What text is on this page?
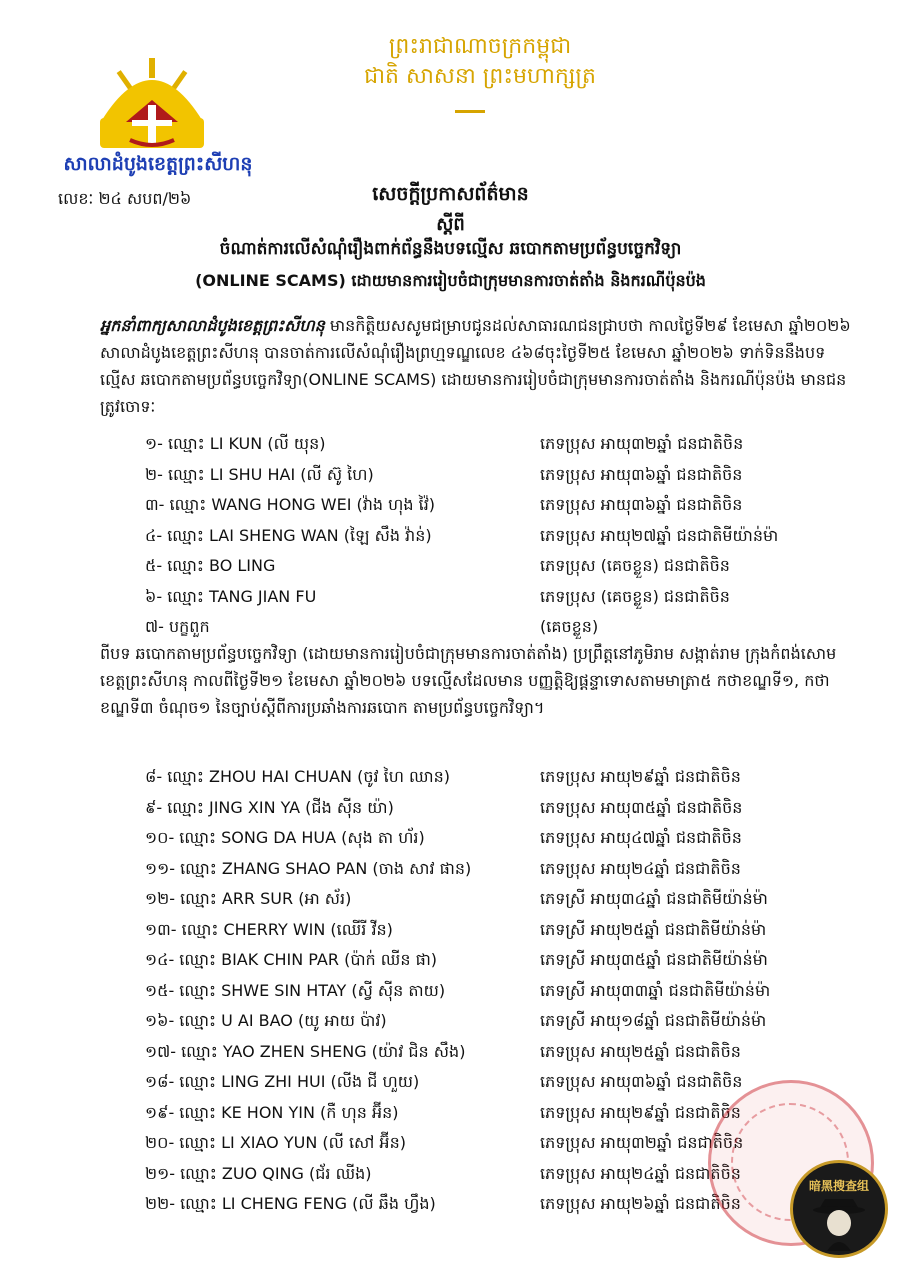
ព្រះរាជាណាចក្រកម្ពុជា
ជាតិ សាសនា ព្រះមហាក្សត្រ
សាលាដំបូងខេត្តព្រះសីហនុ
លេខៈ ២៤ សបព/២៦	សេចក្តីប្រកាសព័ត៌មាន
ស្តីពី
ចំណាត់ការលើសំណុំរឿងពាក់ព័ន្ធនឹងបទល្មើស ឆបោកតាមប្រព័ន្ធបច្ចេកវិទ្យា
(ONLINE SCAMS) ដោយមានការរៀបចំជាក្រុមមានការចាត់តាំង និងករណីប៉ុនប៉ង
អ្នកនាំពាក្យសាលាដំបូងខេត្តព្រះសីហនុ មានកិត្តិយសសូមជម្រាបជូនដល់សាធារណជនជ្រាបថា កាលថ្ងៃទី២៩ ខែមេសា ឆ្នាំ២០២៦ សាលាដំបូងខេត្តព្រះសីហនុ បានចាត់ការលើសំណុំរឿងព្រហ្មទណ្ឌលេខ ៤៦៨ចុះថ្ងៃទី២៥ ខែមេសា ឆ្នាំ២០២៦ ទាក់ទិននឹងបទល្មើស ឆបោកតាមប្រព័ន្ធបច្ចេកវិទ្យា(ONLINE SCAMS) ដោយមានការរៀបចំជាក្រុមមានការចាត់តាំង និងករណីប៉ុនប៉ង មានជនត្រូវចោទៈ
១- ឈ្មោះ LI KUN (លី យុន)	ភេទប្រុស អាយុ៣២ឆ្នាំ ជនជាតិចិន
២- ឈ្មោះ LI SHU HAI (លី ស៊ូ ហៃ)	ភេទប្រុស អាយុ៣៦ឆ្នាំ ជនជាតិចិន
៣- ឈ្មោះ WANG HONG WEI (វ៉ាង ហុង វ៉ៃ)	ភេទប្រុស អាយុ៣៦ឆ្នាំ ជនជាតិចិន
៤- ឈ្មោះ LAI SHENG WAN (ឡៃ សឹង វ៉ាន់)	ភេទប្រុស អាយុ២៧ឆ្នាំ ជនជាតិមីយ៉ាន់ម៉ា
៥- ឈ្មោះ BO LING	ភេទប្រុស (គេចខ្លួន) ជនជាតិចិន
៦- ឈ្មោះ TANG JIAN FU	ភេទប្រុស (គេចខ្លួន) ជនជាតិចិន
៧- បក្ខពួក	(គេចខ្លួន)
ពីបទ ឆបោកតាមប្រព័ន្ធបច្ចេកវិទ្យា (ដោយមានការរៀបចំជាក្រុមមានការចាត់តាំង) ប្រព្រឹត្តនៅភូមិរាម សង្កាត់រាម ក្រុងកំពង់សោម ខេត្តព្រះសីហនុ កាលពីថ្ងៃទី២១ ខែមេសា ឆ្នាំ២០២៦ បទល្មើសដែលមាន បញ្ញត្តិឱ្យផ្តន្ទាទោសតាមមាត្រា៥ កថាខណ្ឌទី១, កថាខណ្ឌទី៣ ចំណុច១ នៃច្បាប់ស្តីពីការប្រឆាំងការឆបោក តាមប្រព័ន្ធបច្ចេកវិទ្យា។
៨- ឈ្មោះ ZHOU HAI CHUAN (ចូវ ហៃ ឈាន)	ភេទប្រុស អាយុ២៩ឆ្នាំ ជនជាតិចិន
៩- ឈ្មោះ JING XIN YA (ជីង ស៊ីន យ៉ា)	ភេទប្រុស អាយុ៣៥ឆ្នាំ ជនជាតិចិន
១០- ឈ្មោះ SONG DA HUA (សុង តា ហ័រ)	ភេទប្រុស អាយុ៤៧ឆ្នាំ ជនជាតិចិន
១១- ឈ្មោះ ZHANG SHAO PAN (ចាង សាវ ផាន)	ភេទប្រុស អាយុ២៤ឆ្នាំ ជនជាតិចិន
១២- ឈ្មោះ ARR SUR (អា ស័រ)	ភេទស្រី អាយុ៣៤ឆ្នាំ ជនជាតិមីយ៉ាន់ម៉ា
១៣- ឈ្មោះ CHERRY WIN (ឈើរី វីន)	ភេទស្រី អាយុ២៥ឆ្នាំ ជនជាតិមីយ៉ាន់ម៉ា
១៤- ឈ្មោះ BIAK CHIN PAR (ប៉ាក់ ឈីន ផា)	ភេទស្រី អាយុ៣៥ឆ្នាំ ជនជាតិមីយ៉ាន់ម៉ា
១៥- ឈ្មោះ SHWE SIN HTAY (ស្វី ស៊ីន តាយ)	ភេទស្រី អាយុ៣៣ឆ្នាំ ជនជាតិមីយ៉ាន់ម៉ា
១៦- ឈ្មោះ U AI BAO (យូ អាយ ប៉ាវ)	ភេទស្រី អាយុ១៨ឆ្នាំ ជនជាតិមីយ៉ាន់ម៉ា
១៧- ឈ្មោះ YAO ZHEN SHENG (យ៉ាវ ជិន សឹង)	ភេទប្រុស អាយុ២៥ឆ្នាំ ជនជាតិចិន
១៨- ឈ្មោះ LING ZHI HUI (លីង ជី ហួយ)	ភេទប្រុស អាយុ៣៦ឆ្នាំ ជនជាតិចិន
១៩- ឈ្មោះ KE HON YIN (កឺ ហុន អ៊ីន)	ភេទប្រុស អាយុ២៩ឆ្នាំ ជនជាតិចិន
២០- ឈ្មោះ LI XIAO YUN (លី សៅ អ៊ីន)	ភេទប្រុស អាយុ៣២ឆ្នាំ ជនជាតិចិន
២១- ឈ្មោះ ZUO QING (ជ័រ ឈីង)	ភេទប្រុស អាយុ២៤ឆ្នាំ ជនជាតិចិន
២២- ឈ្មោះ LI CHENG FENG (លី ឆឹង ហ្វឹង)	ភេទប្រុស អាយុ២៦ឆ្នាំ ជនជាតិចិន
暗黑搜查组
